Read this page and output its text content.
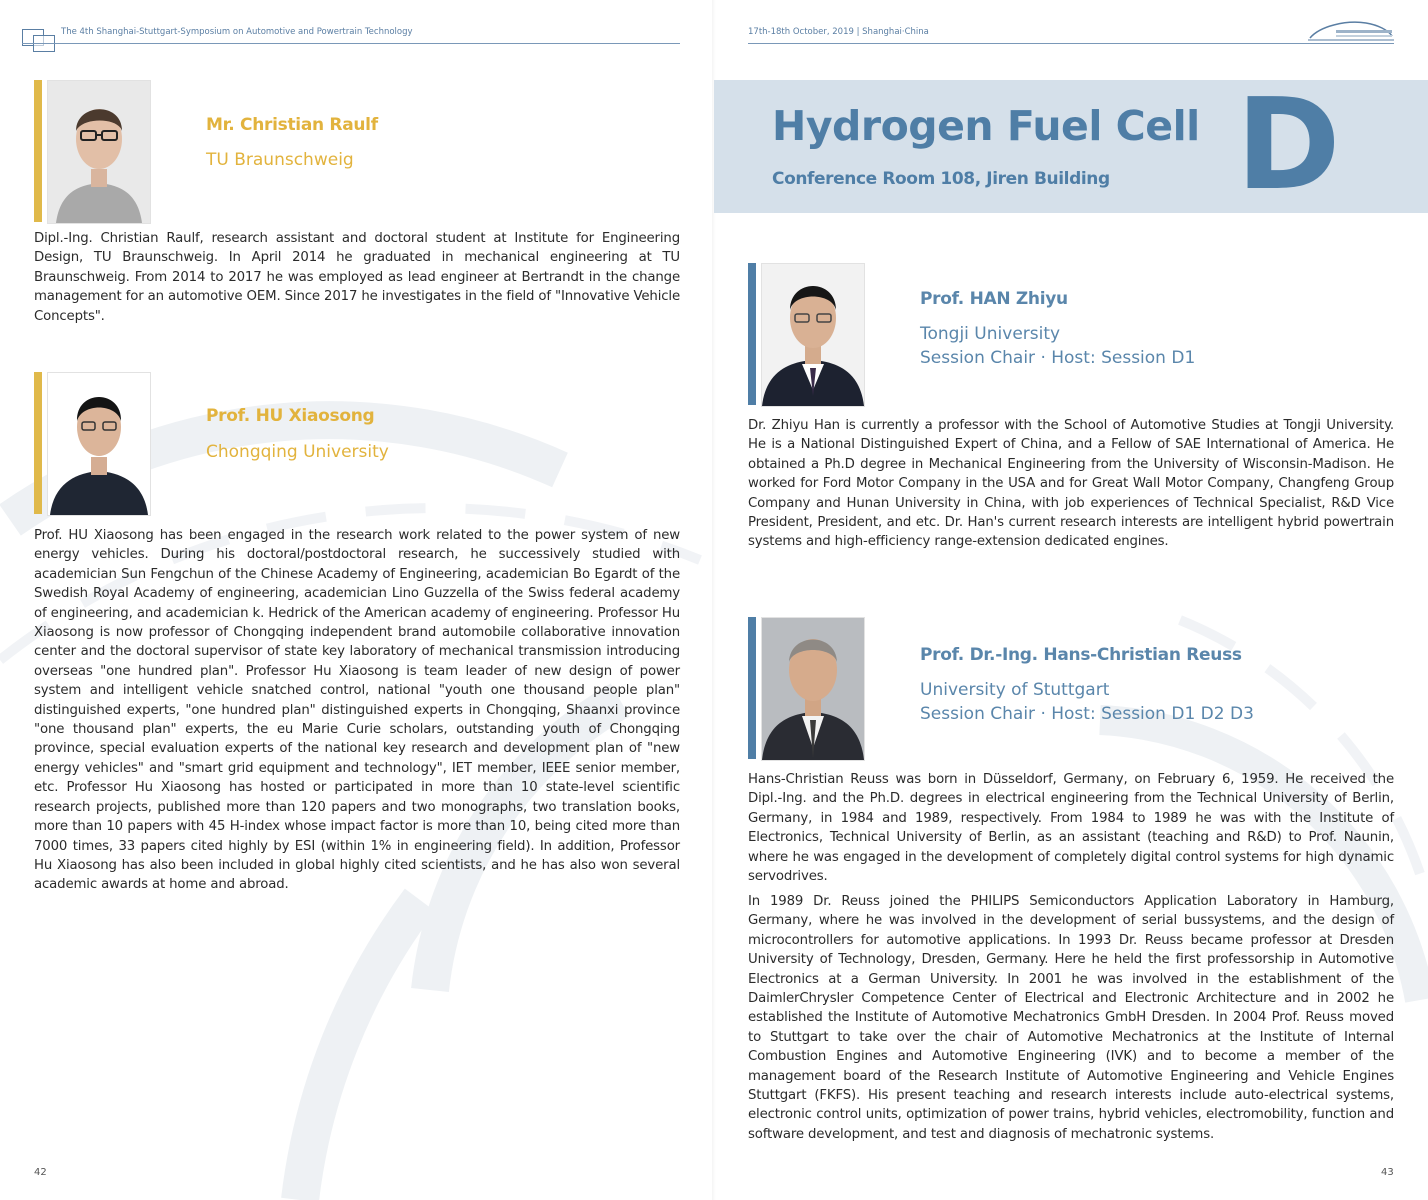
The 4th Shanghai-Stuttgart-Symposium on Automotive and Powertrain Technology
Mr. Christian Raulf
TU Braunschweig

Dipl.-Ing. Christian Raulf, research assistant and doctoral student at Institute for Engineering Design, TU Braunschweig. In April 2014 he graduated in mechanical engineering at TU Braunschweig. From 2014 to 2017 he was employed as lead engineer at Bertrandt in the change management for an automotive OEM. Since 2017 he investigates in the field of "Innovative Vehicle Concepts".

Prof. HU Xiaosong
Chongqing University

Prof. HU Xiaosong has been engaged in the research work related to the power system of new energy vehicles. During his doctoral/postdoctoral research, he successively studied with academician Sun Fengchun of the Chinese Academy of Engineering, academician Bo Egardt of the Swedish Royal Academy of engineering, academician Lino Guzzella of the Swiss federal academy of engineering, and academician k. Hedrick of the American academy of engineering. Professor Hu Xiaosong is now professor of Chongqing independent brand automobile collaborative innovation center and the doctoral supervisor of state key laboratory of mechanical transmission introducing overseas "one hundred plan". Professor Hu Xiaosong is team leader of new design of power system and intelligent vehicle snatched control, national "youth one thousand people plan" distinguished experts, "one hundred plan" distinguished experts in Chongqing, Shaanxi province "one thousand plan" experts, the eu Marie Curie scholars, outstanding youth of Chongqing province, special evaluation experts of the national key research and development plan of "new energy vehicles" and "smart grid equipment and technology", IET member, IEEE senior member, etc. Professor Hu Xiaosong has hosted or participated in more than 10 state-level scientific research projects, published more than 120 papers and two monographs, two translation books, more than 10 papers with 45 H-index whose impact factor is more than 10, being cited more than 7000 times, 33 papers cited highly by ESI (within 1% in engineering field). In addition, Professor Hu Xiaosong has also been included in global highly cited scientists, and he has also won several academic awards at home and abroad.

42
17th-18th October, 2019 | Shanghai·China
Hydrogen Fuel Cell
Conference Room 108, Jiren Building D
Prof. HAN Zhiyu
Tongji University
Session Chair · Host: Session D1

Dr. Zhiyu Han is currently a professor with the School of Automotive Studies at Tongji University. He is a National Distinguished Expert of China, and a Fellow of SAE International of America. He obtained a Ph.D degree in Mechanical Engineering from the University of Wisconsin-Madison. He worked for Ford Motor Company in the USA and for Great Wall Motor Company, Changfeng Group Company and Hunan University in China, with job experiences of Technical Specialist, R&D Vice President, President, and etc. Dr. Han's current research interests are intelligent hybrid powertrain systems and high-efficiency range-extension dedicated engines.

Prof. Dr.-Ing. Hans-Christian Reuss
University of Stuttgart
Session Chair · Host: Session D1 D2 D3

Hans-Christian Reuss was born in Düsseldorf, Germany, on February 6, 1959. He received the Dipl.-Ing. and the Ph.D. degrees in electrical engineering from the Technical University of Berlin, Germany, in 1984 and 1989, respectively. From 1984 to 1989 he was with the Institute of Electronics, Technical University of Berlin, as an assistant (teaching and R&D) to Prof. Naunin, where he was engaged in the development of completely digital control systems for high dynamic servodrives.

In 1989 Dr. Reuss joined the PHILIPS Semiconductors Application Laboratory in Hamburg, Germany, where he was involved in the development of serial bussystems, and the design of microcontrollers for automotive applications. In 1993 Dr. Reuss became professor at Dresden University of Technology, Dresden, Germany. Here he held the first professorship in Automotive Electronics at a German University. In 2001 he was involved in the establishment of the DaimlerChrysler Competence Center of Electrical and Electronic Architecture and in 2002 he established the Institute of Automotive Mechatronics GmbH Dresden. In 2004 Prof. Reuss moved to Stuttgart to take over the chair of Automotive Mechatronics at the Institute of Internal Combustion Engines and Automotive Engineering (IVK) and to become a member of the management board of the Research Institute of Automotive Engineering and Vehicle Engines Stuttgart (FKFS). His present teaching and research interests include auto-electrical systems, electronic control units, optimization of power trains, hybrid vehicles, electromobility, function and software development, and test and diagnosis of mechatronic systems.

43
